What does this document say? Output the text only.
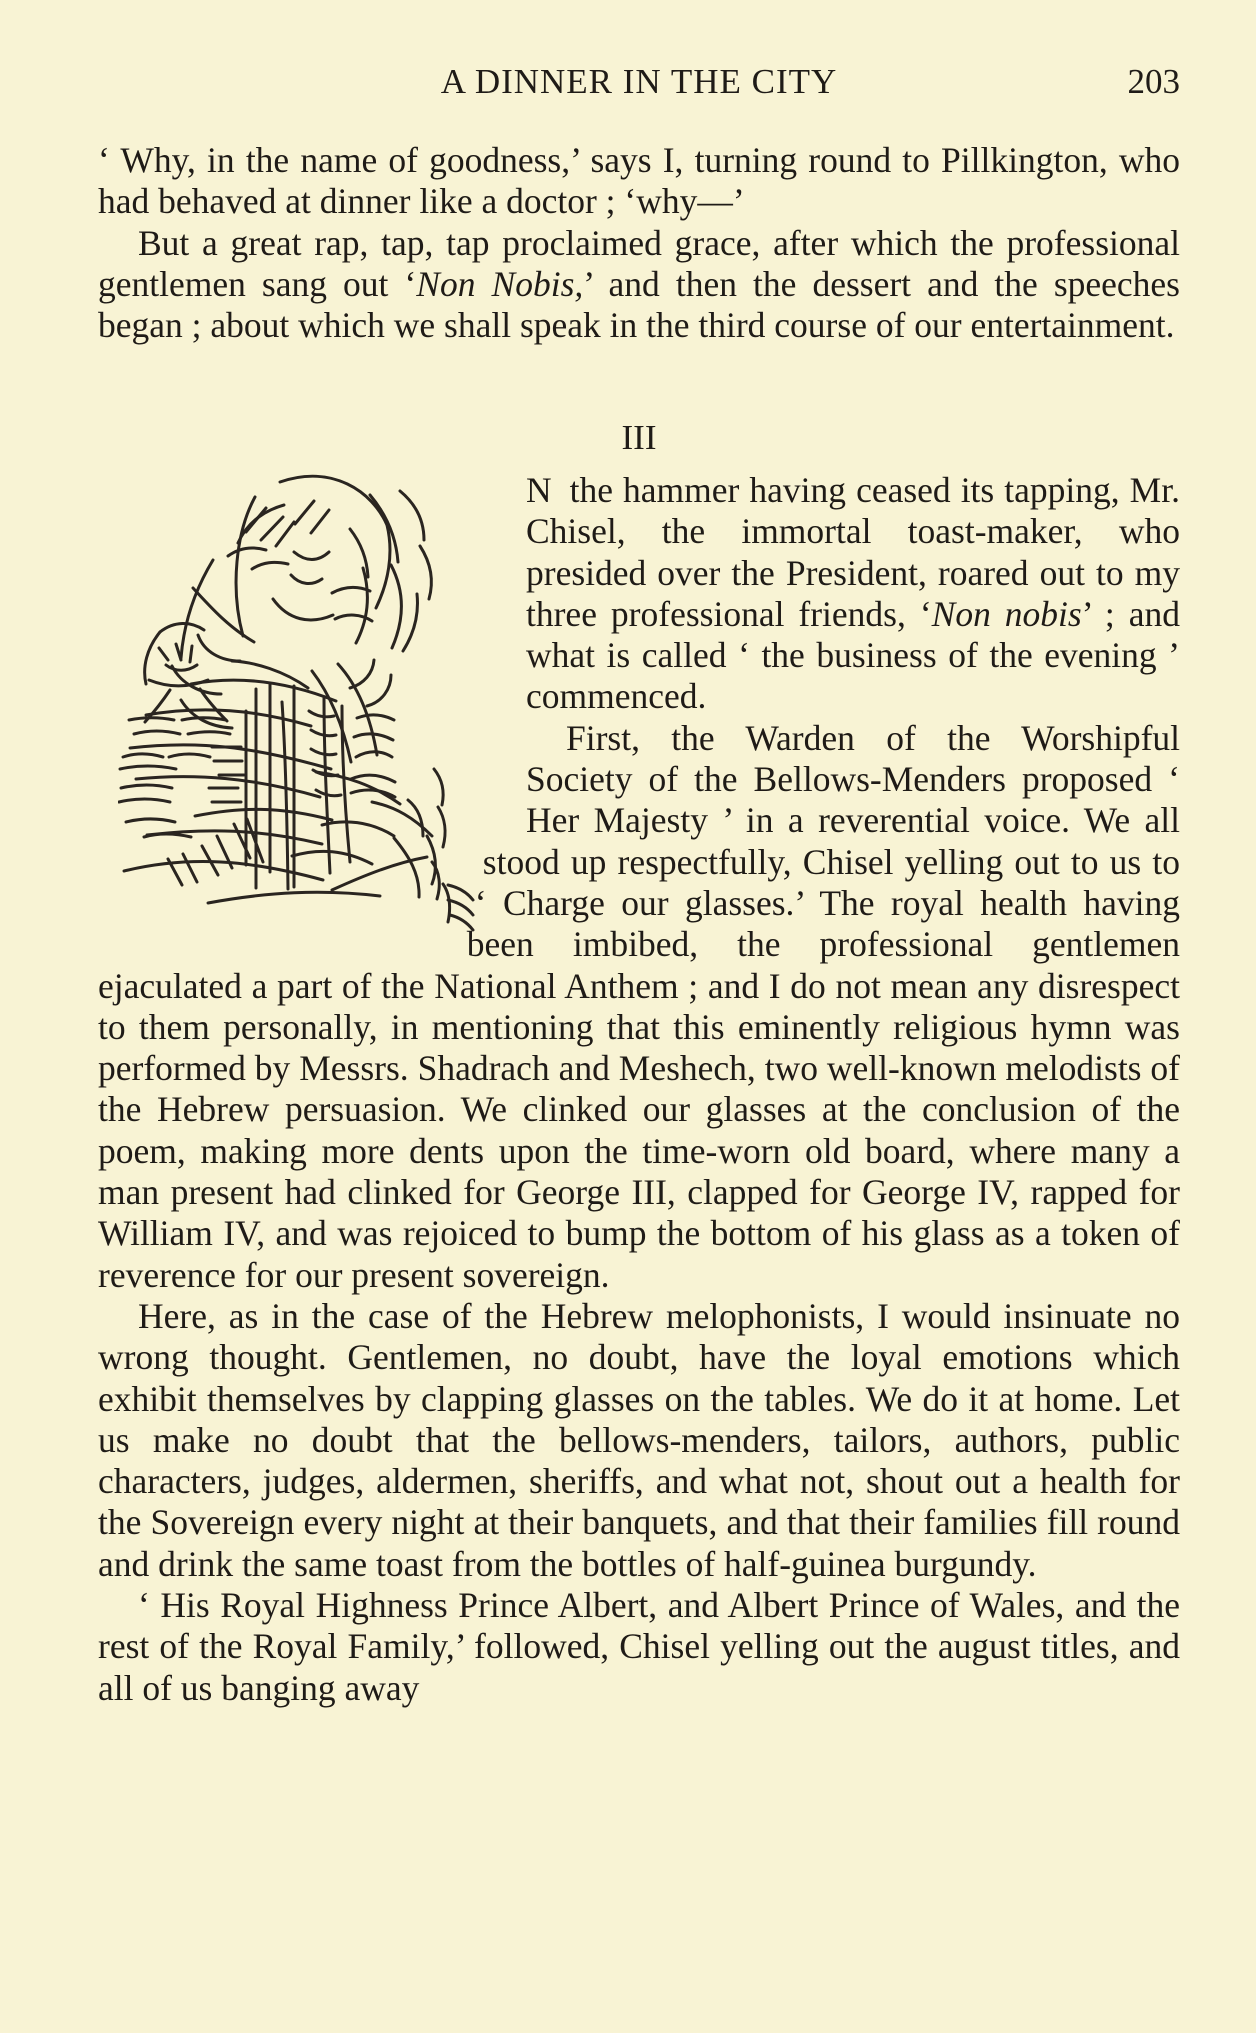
A DINNER IN THE CITY	203

‘ Why, in the name of goodness,’ says I, turning round to Pillkington, who had behaved at dinner like a doctor ; ‘why—’

But a great rap, tap, tap proclaimed grace, after which the professional gentlemen sang out ‘Non Nobis,’ and then the dessert and the speeches began ; about which we shall speak in the third course of our entertainment.

III

N the hammer having ceased its tapping, Mr. Chisel, the immortal toast-maker, who presided over the President, roared out to my three professional friends, ‘Non nobis’ ; and what is called ‘ the business of the evening ’ commenced.

First, the Warden of the Worshipful Society of the Bellows-Menders proposed ‘ Her Majesty ’ in a reverential voice. We all stood up respectfully, Chisel yelling out to us to ‘ Charge our glasses.’ The royal health having been imbibed, the professional gentlemen ejaculated a part of the National Anthem ; and I do not mean any disrespect to them personally, in mentioning that this eminently religious hymn was performed by Messrs. Shadrach and Meshech, two well-known melodists of the Hebrew persuasion. We clinked our glasses at the conclusion of the poem, making more dents upon the time-worn old board, where many a man present had clinked for George III, clapped for George IV, rapped for William IV, and was rejoiced to bump the bottom of his glass as a token of reverence for our present sovereign.

Here, as in the case of the Hebrew melophonists, I would insinuate no wrong thought. Gentlemen, no doubt, have the loyal emotions which exhibit themselves by clapping glasses on the tables. We do it at home. Let us make no doubt that the bellows-menders, tailors, authors, public characters, judges, aldermen, sheriffs, and what not, shout out a health for the Sovereign every night at their banquets, and that their families fill round and drink the same toast from the bottles of half-guinea burgundy.

‘ His Royal Highness Prince Albert, and Albert Prince of Wales, and the rest of the Royal Family,’ followed, Chisel yelling out the august titles, and all of us banging away
